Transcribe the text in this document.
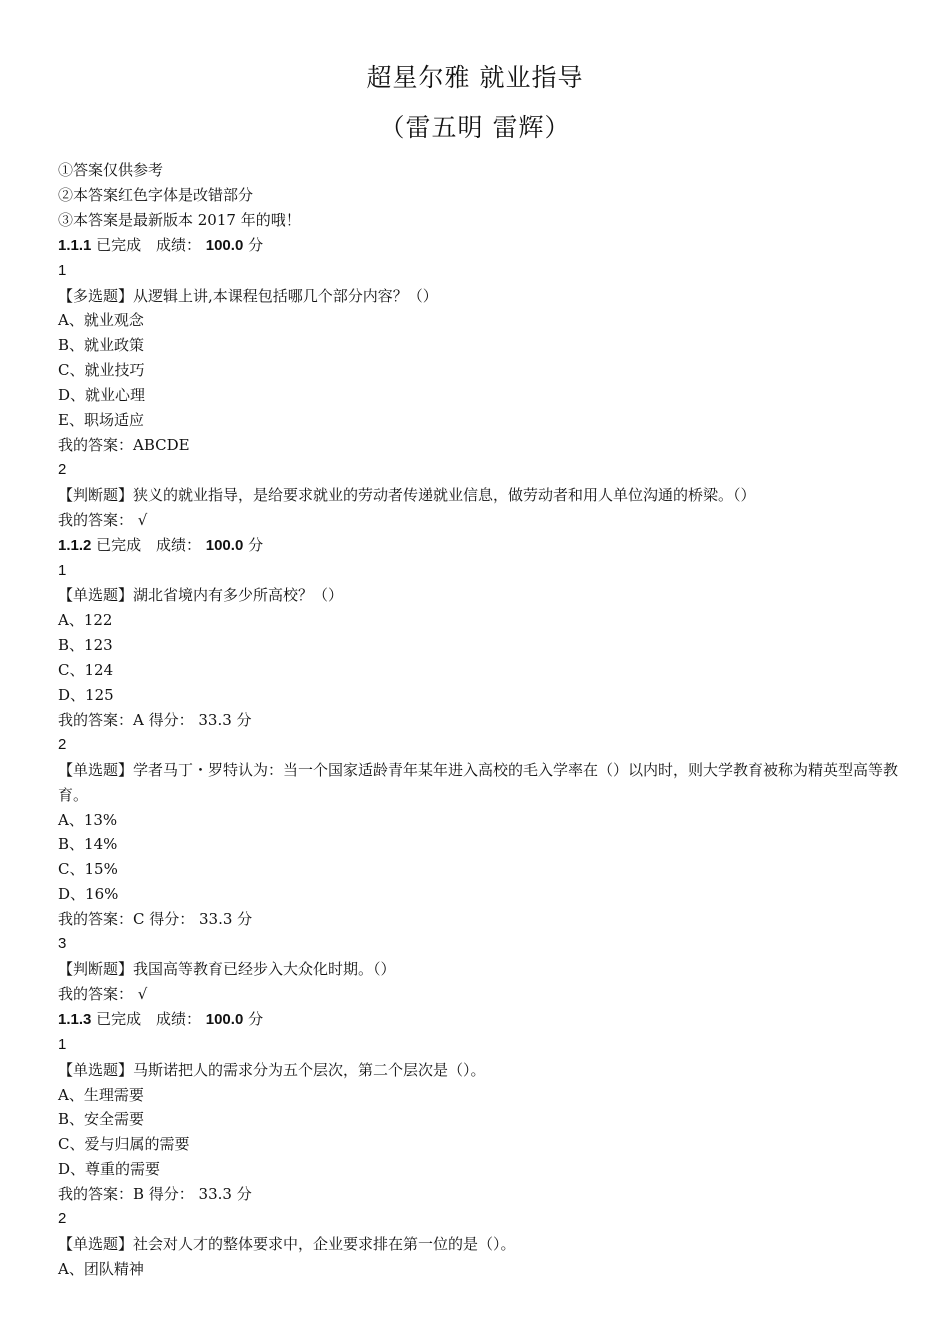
超星尔雅 就业指导
（雷五明 雷辉）
①答案仅供参考
②本答案红色字体是改错部分
③本答案是最新版本 2017 年的哦！
1.1.1 已完成 成绩： 100.0 分
1
【多选题】从逻辑上讲,本课程包括哪几个部分内容？（）
A、就业观念
B、就业政策
C、就业技巧
D、就业心理
E、职场适应
我的答案：ABCDE
2
【判断题】狭义的就业指导，是给要求就业的劳动者传递就业信息，做劳动者和用人单位沟通的桥梁。（）
我的答案： √
1.1.2 已完成 成绩： 100.0 分
1
【单选题】湖北省境内有多少所高校？（）
A、122
B、123
C、124
D、125
我的答案：A 得分： 33.3 分
2
【单选题】学者马丁・罗特认为：当一个国家适龄青年某年进入高校的毛入学率在（）以内时，则大学教育被称为精英型高等教育。
A、13%
B、14%
C、15%
D、16%
我的答案：C 得分： 33.3 分
3
【判断题】我国高等教育已经步入大众化时期。（）
我的答案： √
1.1.3 已完成 成绩： 100.0 分
1
【单选题】马斯诺把人的需求分为五个层次，第二个层次是（）。
A、生理需要
B、安全需要
C、爱与归属的需要
D、尊重的需要
我的答案：B 得分： 33.3 分
2
【单选题】社会对人才的整体要求中，企业要求排在第一位的是（）。
A、团队精神
